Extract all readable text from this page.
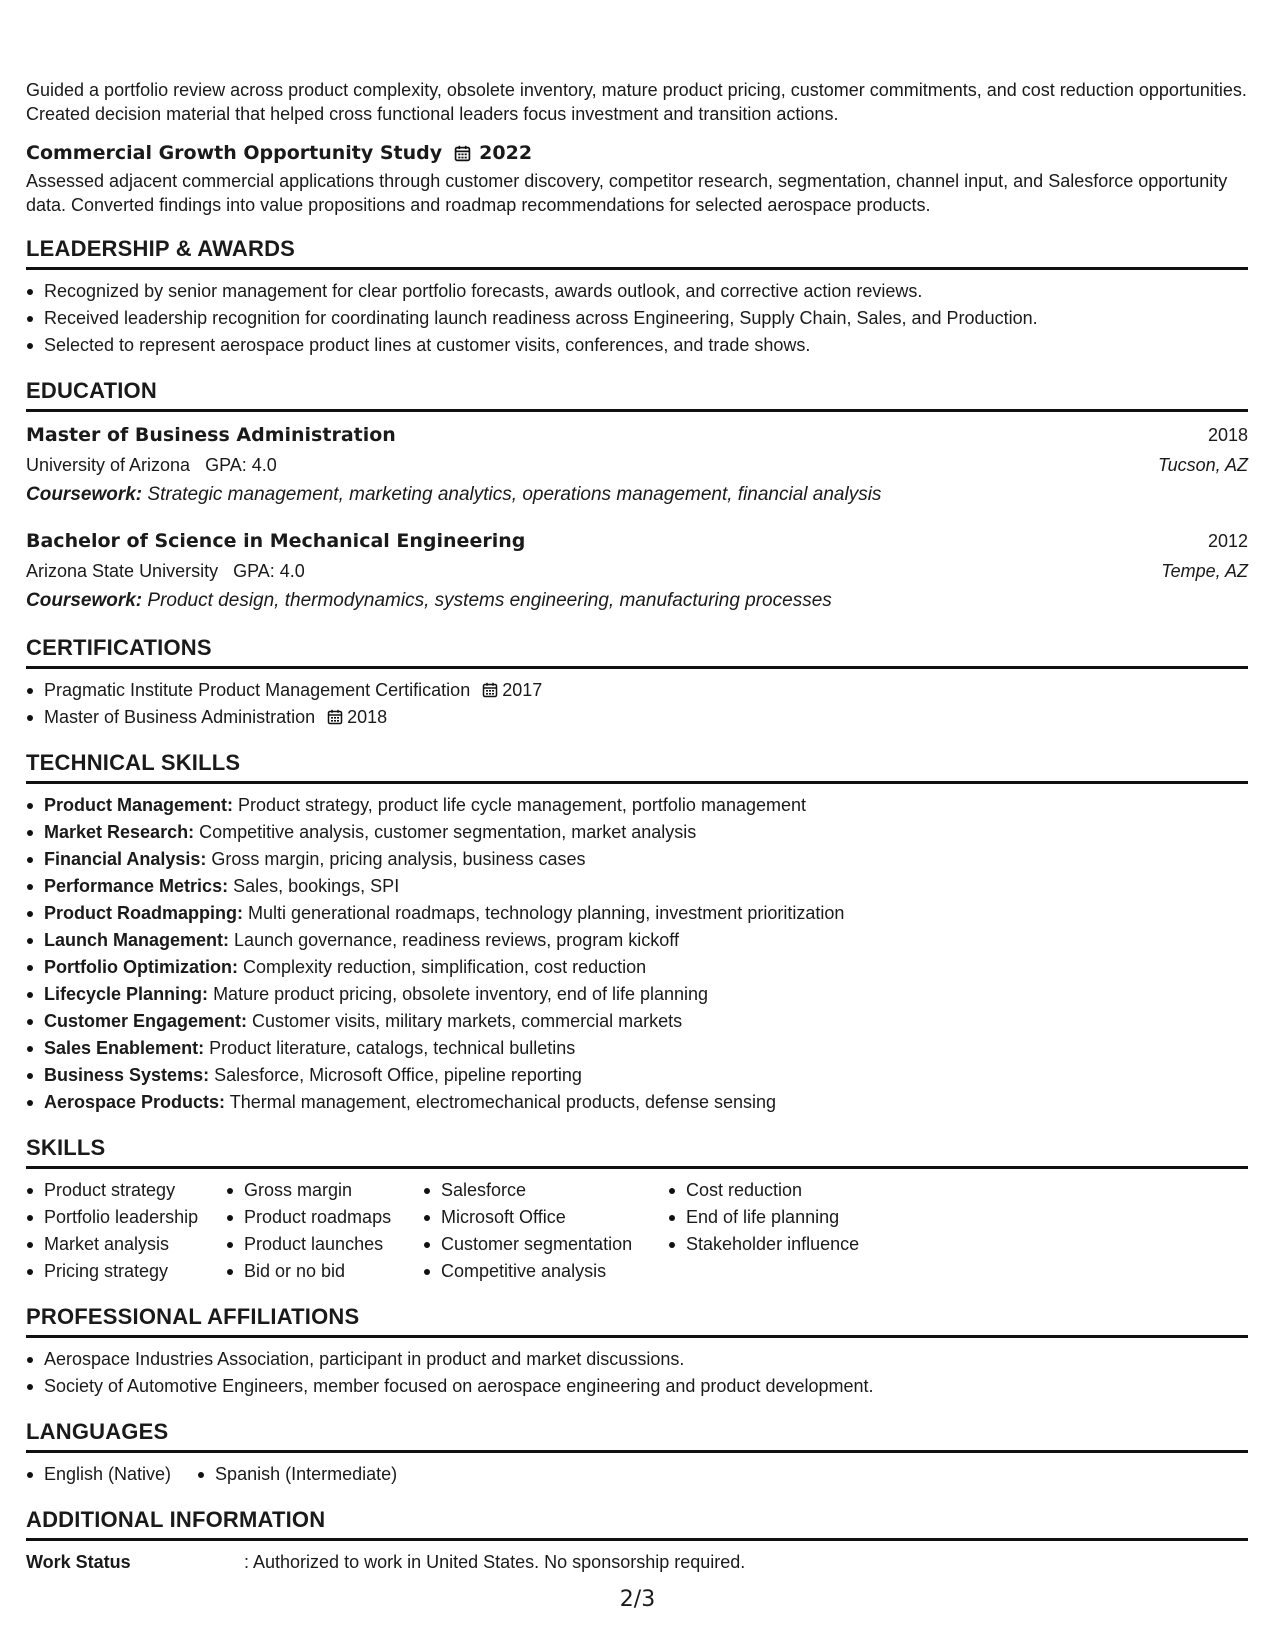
Guided a portfolio review across product complexity, obsolete inventory, mature product pricing, customer commitments, and cost reduction opportunities. Created decision material that helped cross functional leaders focus investment and transition actions.

Commercial Growth Opportunity Study 2022

Assessed adjacent commercial applications through customer discovery, competitor research, segmentation, channel input, and Salesforce opportunity data. Converted findings into value propositions and roadmap recommendations for selected aerospace products.

LEADERSHIP & AWARDS
Recognized by senior management for clear portfolio forecasts, awards outlook, and corrective action reviews.
Received leadership recognition for coordinating launch readiness across Engineering, Supply Chain, Sales, and Production.
Selected to represent aerospace product lines at customer visits, conferences, and trade shows.
EDUCATION
Master of Business Administration	2018
University of Arizona GPA: 4.0	Tucson, AZ
Coursework: Strategic management, marketing analytics, operations management, financial analysis
Bachelor of Science in Mechanical Engineering	2012
Arizona State University GPA: 4.0	Tempe, AZ
Coursework: Product design, thermodynamics, systems engineering, manufacturing processes
CERTIFICATIONS
Pragmatic Institute Product Management Certification 2017
Master of Business Administration 2018
TECHNICAL SKILLS
Product Management: Product strategy, product life cycle management, portfolio management
Market Research: Competitive analysis, customer segmentation, market analysis
Financial Analysis: Gross margin, pricing analysis, business cases
Performance Metrics: Sales, bookings, SPI
Product Roadmapping: Multi generational roadmaps, technology planning, investment prioritization
Launch Management: Launch governance, readiness reviews, program kickoff
Portfolio Optimization: Complexity reduction, simplification, cost reduction
Lifecycle Planning: Mature product pricing, obsolete inventory, end of life planning
Customer Engagement: Customer visits, military markets, commercial markets
Sales Enablement: Product literature, catalogs, technical bulletins
Business Systems: Salesforce, Microsoft Office, pipeline reporting
Aerospace Products: Thermal management, electromechanical products, defense sensing
SKILLS
Product strategy
Portfolio leadership
Market analysis
Pricing strategy
Gross margin
Product roadmaps
Product launches
Bid or no bid
Salesforce
Microsoft Office
Customer segmentation
Competitive analysis
Cost reduction
End of life planning
Stakeholder influence
PROFESSIONAL AFFILIATIONS
Aerospace Industries Association, participant in product and market discussions.
Society of Automotive Engineers, member focused on aerospace engineering and product development.
LANGUAGES
English (Native)	Spanish (Intermediate)
ADDITIONAL INFORMATION
Work Status	: Authorized to work in United States. No sponsorship required.
2/3
